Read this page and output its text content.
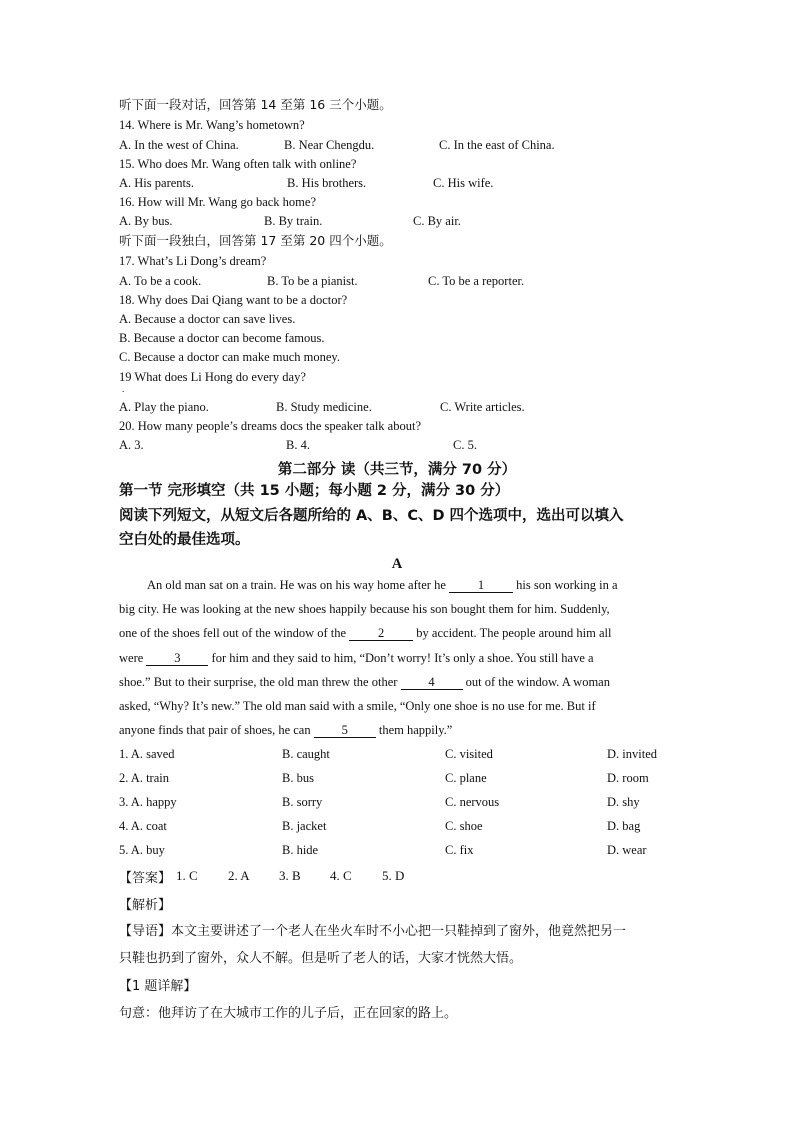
听下面一段对话，回答第 14 至第 16 三个小题。
14. Where is Mr. Wang’s hometown?
A. In the west of China.	B. Near Chengdu.	C. In the east of China.
15. Who does Mr. Wang often talk with online?
A. His parents.	B. His brothers.	C. His wife.
16. How will Mr. Wang go back home?
A. By bus.	B. By train.	C. By air.
听下面一段独白，回答第 17 至第 20 四个小题。
17. What’s Li Dong’s dream?
A. To be a cook.	B. To be a pianist.	C. To be a reporter.
18. Why does Dai Qiang want to be a doctor?
A. Because a doctor can save lives.
B. Because a doctor can become famous.
C. Because a doctor can make much money.
19 What does Li Hong do every day?
.
A. Play the piano.	B. Study medicine.	C. Write articles.
20. How many people’s dreams docs the speaker talk about?
A. 3.	B. 4.	C. 5.
第二部分 读（共三节，满分 70 分）
第一节 完形填空（共 15 小题；每小题 2 分，满分 30 分）
阅读下列短文，从短文后各题所给的 A、B、C、D 四个选项中，选出可以填入
空白处的最佳选项。
A
An old man sat on a train. He was on his way home after he 1 his son working in a
big city. He was looking at the new shoes happily because his son bought them for him. Suddenly,
one of the shoes fell out of the window of the 2 by accident. The people around him all
were 3 for him and they said to him, “Don’t worry! It’s only a shoe. You still have a
shoe.” But to their surprise, the old man threw the other 4 out of the window. A woman
asked, “Why? It’s new.” The old man said with a smile, “Only one shoe is no use for me. But if
anyone finds that pair of shoes, he can 5 them happily.”
1. A. saved	B. caught	C. visited	D. invited
2. A. train	B. bus	C. plane	D. room
3. A. happy	B. sorry	C. nervous	D. shy
4. A. coat	B. jacket	C. shoe	D. bag
5. A. buy	B. hide	C. fix	D. wear
【答案】 1. C 2. A 3. B 4. C 5. D
【解析】
【导语】本文主要讲述了一个老人在坐火车时不小心把一只鞋掉到了窗外，他竟然把另一
只鞋也扔到了窗外，众人不解。但是听了老人的话，大家才恍然大悟。
【1 题详解】
句意：他拜访了在大城市工作的儿子后，正在回家的路上。
